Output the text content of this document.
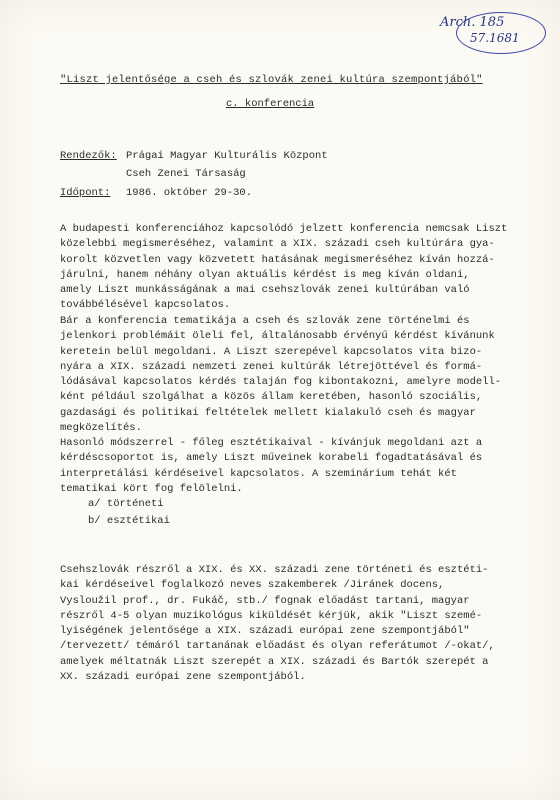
Arch. 185
57.1681
"Liszt jelentősége a cseh és szlovák zenei kultúra szempontjából"
c. konferencia
Rendezők: Prágai Magyar Kulturális Központ
Cseh Zenei Társaság
Időpont: 1986. október 29-30.
A budapesti konferenciához kapcsolódó jelzett konferencia nemcsak Liszt
közelebbi megismeréséhez, valamint a XIX. századi cseh kultúrára gya-
korolt közvetlen vagy közvetett hatásának megismeréséhez kíván hozzá-
járulni, hanem néhány olyan aktuális kérdést is meg kíván oldani,
amely Liszt munkásságának a mai csehszlovák zenei kultúrában való
továbbélésével kapcsolatos.
Bár a konferencia tematikája a cseh és szlovák zene történelmi és
jelenkori problémáit öleli fel, általánosabb érvényű kérdést kívánunk
keretein belül megoldani. A Liszt szerepével kapcsolatos vita bizo-
nyára a XIX. századi nemzeti zenei kultúrák létrejöttével és formá-
lódásával kapcsolatos kérdés talaján fog kibontakozni, amelyre modell-
ként például szolgálhat a közös állam keretében, hasonló szociális,
gazdasági és politikai feltételek mellett kialakuló cseh és magyar
megközelítés.
Hasonló módszerrel - főleg esztétikaival - kívánjuk megoldani azt a
kérdéscsoportot is, amely Liszt műveinek korabeli fogadtatásával és
interpretálási kérdéseivel kapcsolatos. A szeminárium tehát két
tematikai kört fog felölelni.
a/ történeti
b/ esztétikai
Csehszlovák részről a XIX. és XX. századi zene történeti és esztéti-
kai kérdéseivel foglalkozó neves szakemberek /Jiránek docens,
Vysloužil prof., dr. Fukáč, stb./ fognak előadást tartani, magyar
részről 4-5 olyan muzikológus kiküldését kérjük, akik "Liszt szemé-
lyiségének jelentősége a XIX. századi európai zene szempontjából"
/tervezett/ témáról tartanának előadást és olyan referátumot /-okat/,
amelyek méltatnák Liszt szerepét a XIX. századi és Bartók szerepét a
XX. századi európai zene szempontjából.
